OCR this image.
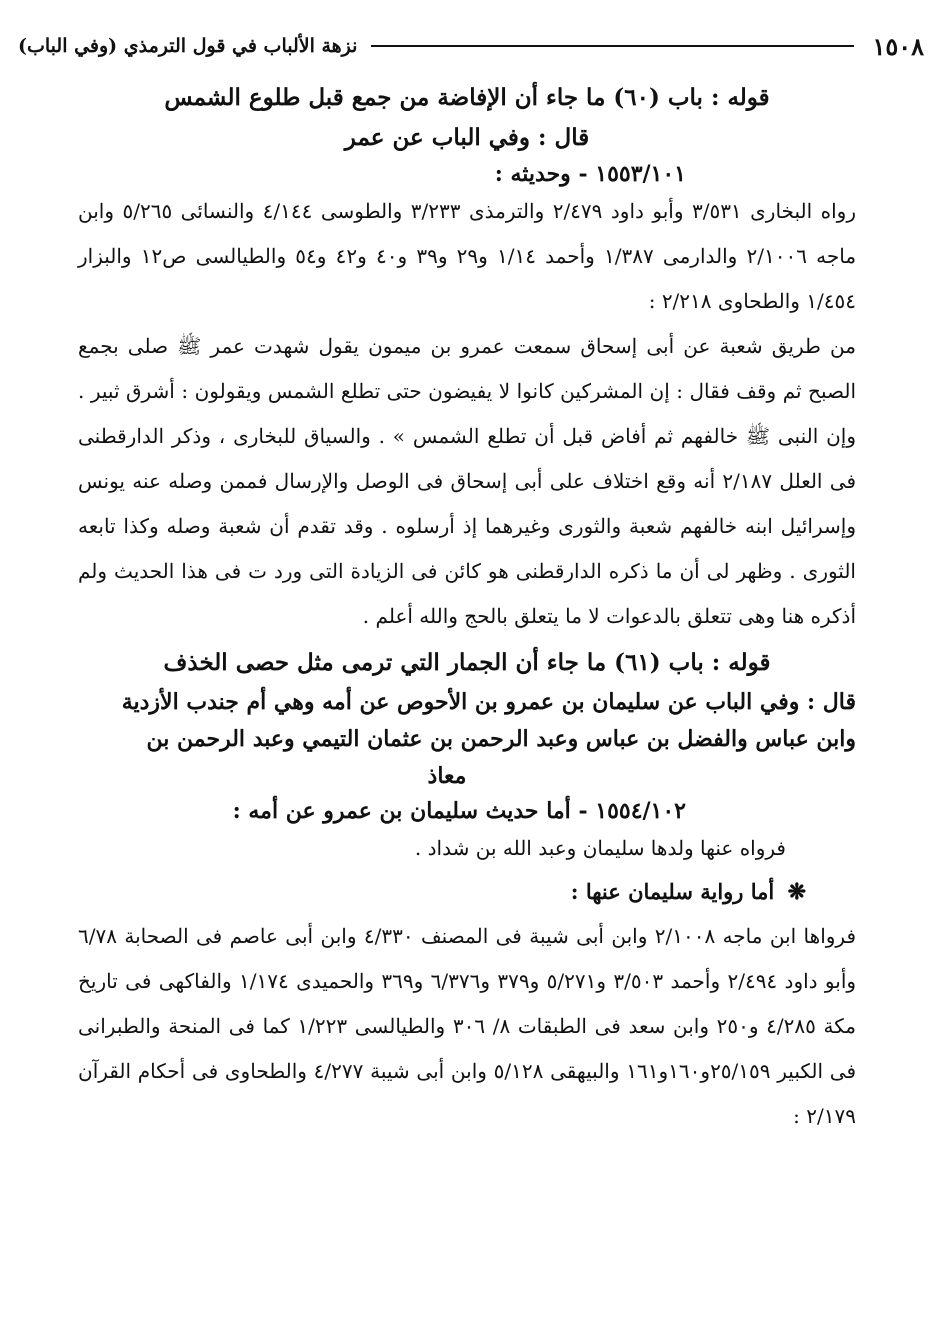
١٥٠٨
نزهة الألباب في قول الترمذي (وفي الباب)
قوله : باب (٦٠) ما جاء أن الإفاضة من جمع قبل طلوع الشمس
قال : وفي الباب عن عمر
١٥٥٣/١٠١ - وحديثه :

رواه البخارى ٣/٥٣١ وأبو داود ٢/٤٧٩ والترمذى ٣/٢٣٣ والطوسى ٤/١٤٤ والنسائى ٥/٢٦٥ وابن ماجه ٢/١٠٠٦ والدارمى ١/٣٨٧ وأحمد ١/١٤ و٢٩ و٣٩ و٤٠ و٤٢ و٥٤ والطيالسى ص١٢ والبزار ١/٤٥٤ والطحاوى ٢/٢١٨ :

من طريق شعبة عن أبى إسحاق سمعت عمرو بن ميمون يقول شهدت عمر ﷺ صلى بجمع الصبح ثم وقف فقال : إن المشركين كانوا لا يفيضون حتى تطلع الشمس ويقولون : أشرق ثبير . وإن النبى ﷺ خالفهم ثم أفاض قبل أن تطلع الشمس » . والسياق للبخارى ، وذكر الدارقطنى فى العلل ٢/١٨٧ أنه وقع اختلاف على أبى إسحاق فى الوصل والإرسال فممن وصله عنه يونس وإسرائيل ابنه خالفهم شعبة والثورى وغيرهما إذ أرسلوه . وقد تقدم أن شعبة وصله وكذا تابعه الثورى . وظهر لى أن ما ذكره الدارقطنى هو كائن فى الزيادة التى ورد ت فى هذا الحديث ولم أذكره هنا وهى تتعلق بالدعوات لا ما يتعلق بالحج والله أعلم .

قوله : باب (٦١) ما جاء أن الجمار التي ترمى مثل حصى الخذف
قال : وفي الباب عن سليمان بن عمرو بن الأحوص عن أمه وهي أم جندب الأزدية
وابن عباس والفضل بن عباس وعبد الرحمن بن عثمان التيمي وعبد الرحمن بن
معاذ
١٥٥٤/١٠٢ - أما حديث سليمان بن عمرو عن أمه :
فرواه عنها ولدها سليمان وعبد الله بن شداد .
❋ أما رواية سليمان عنها :

فرواها ابن ماجه ٢/١٠٠٨ وابن أبى شيبة فى المصنف ٤/٣٣٠ وابن أبى عاصم فى الصحابة ٦/٧٨ وأبو داود ٢/٤٩٤ وأحمد ٣/٥٠٣ و٥/٢٧١ و٣٧٩ و٦/٣٧٦ و٣٦٩ والحميدى ١/١٧٤ والفاكهى فى تاريخ مكة ٤/٢٨٥ و٢٥٠ وابن سعد فى الطبقات ٨/ ٣٠٦ والطيالسى ١/٢٢٣ كما فى المنحة والطبرانى فى الكبير ٢٥/١٥٩و١٦٠و١٦١ والبيهقى ٥/١٢٨ وابن أبى شيبة ٤/٢٧٧ والطحاوى فى أحكام القرآن ٢/١٧٩ :
